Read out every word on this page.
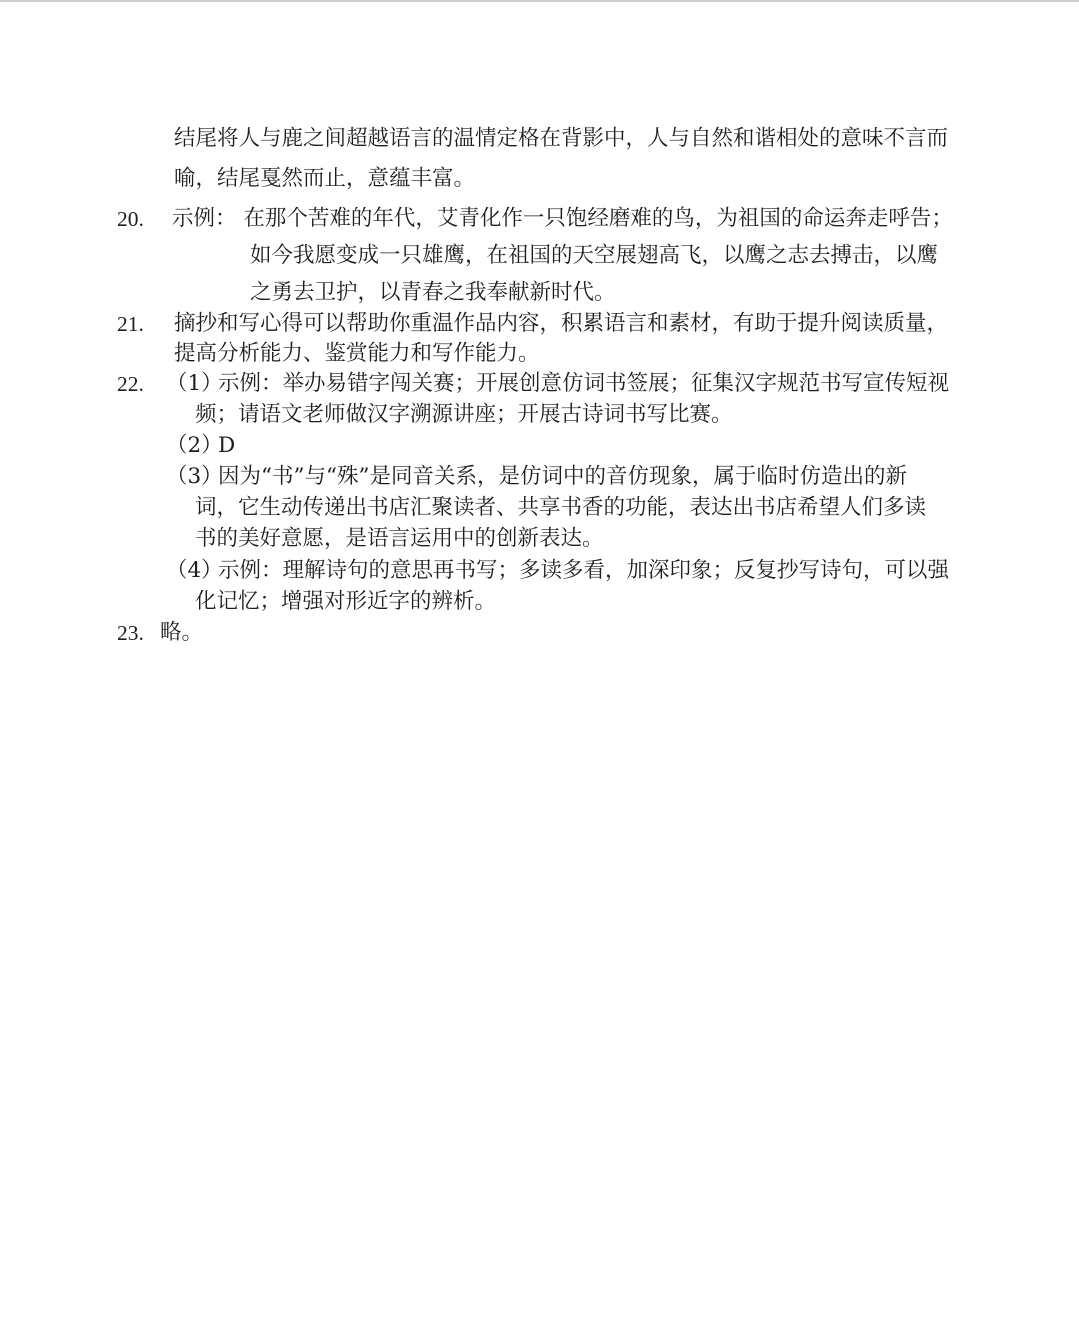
结尾将人与鹿之间超越语言的温情定格在背影中，人与自然和谐相处的意味不言而
喻，结尾戛然而止，意蕴丰富。
20. 示例： 在那个苦难的年代，艾青化作一只饱经磨难的鸟，为祖国的命运奔走呼告；
如今我愿变成一只雄鹰，在祖国的天空展翅高飞，以鹰之志去搏击，以鹰
之勇去卫护，以青春之我奉献新时代。
21. 摘抄和写心得可以帮助你重温作品内容，积累语言和素材，有助于提升阅读质量，
提高分析能力、鉴赏能力和写作能力。
22. （1）
示例：举办易错字闯关赛；开展创意仿词书签展；征集汉字规范书写宣传短视
频；请语文老师做汉字溯源讲座；开展古诗词书写比赛。
（2）
D
（3）
因为“书”与“殊”是同音关系，是仿词中的音仿现象，属于临时仿造出的新
词，它生动传递出书店汇聚读者、共享书香的功能，表达出书店希望人们多读
书的美好意愿，是语言运用中的创新表达。
（4）
示例：理解诗句的意思再书写；多读多看，加深印象；反复抄写诗句，可以强
化记忆；增强对形近字的辨析。
23. 略。
